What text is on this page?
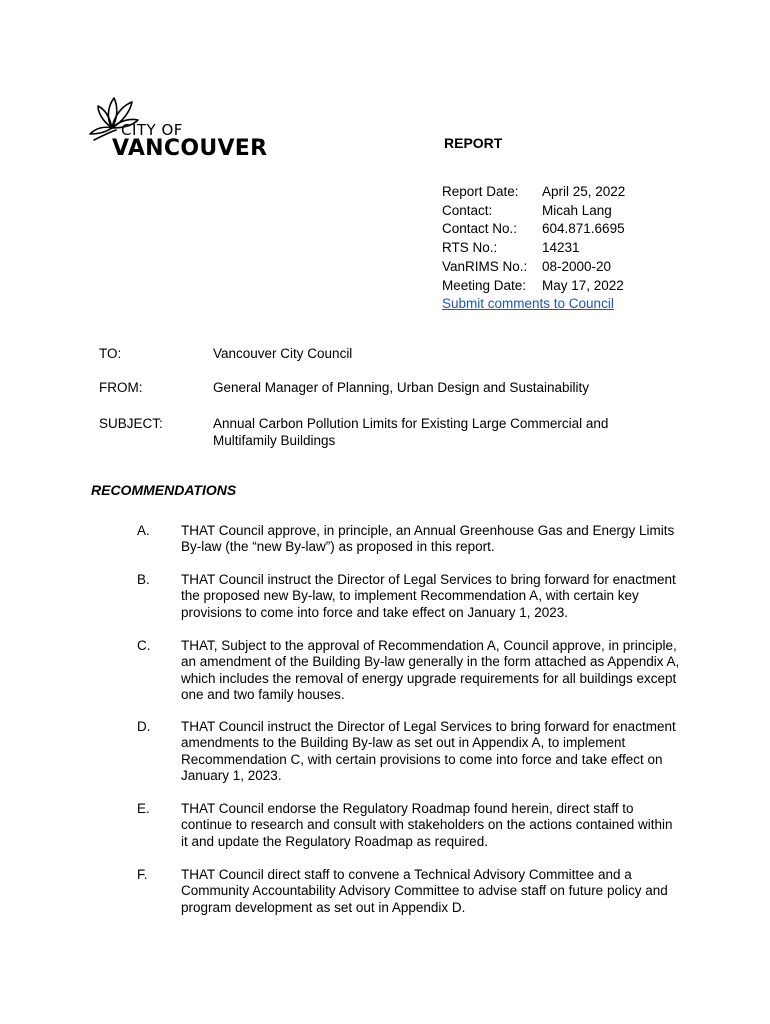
CITY OF
VANCOUVER	REPORT
Report Date:	April 25, 2022
Contact:	Micah Lang
Contact No.:	604.871.6695
RTS No.:	14231
VanRIMS No.:	08-2000-20
Meeting Date:	May 17, 2022
Submit comments to Council
TO:	Vancouver City Council
FROM:	General Manager of Planning, Urban Design and Sustainability
SUBJECT:	Annual Carbon Pollution Limits for Existing Large Commercial and Multifamily Buildings
RECOMMENDATIONS
A. THAT Council approve, in principle, an Annual Greenhouse Gas and Energy Limits By-law (the “new By-law”) as proposed in this report.
B. THAT Council instruct the Director of Legal Services to bring forward for enactment the proposed new By-law, to implement Recommendation A, with certain key provisions to come into force and take effect on January 1, 2023.
C. THAT, Subject to the approval of Recommendation A, Council approve, in principle, an amendment of the Building By-law generally in the form attached as Appendix A, which includes the removal of energy upgrade requirements for all buildings except one and two family houses.
D. THAT Council instruct the Director of Legal Services to bring forward for enactment amendments to the Building By-law as set out in Appendix A, to implement Recommendation C, with certain provisions to come into force and take effect on January 1, 2023.
E. THAT Council endorse the Regulatory Roadmap found herein, direct staff to continue to research and consult with stakeholders on the actions contained within it and update the Regulatory Roadmap as required.
F. THAT Council direct staff to convene a Technical Advisory Committee and a Community Accountability Advisory Committee to advise staff on future policy and program development as set out in Appendix D.
